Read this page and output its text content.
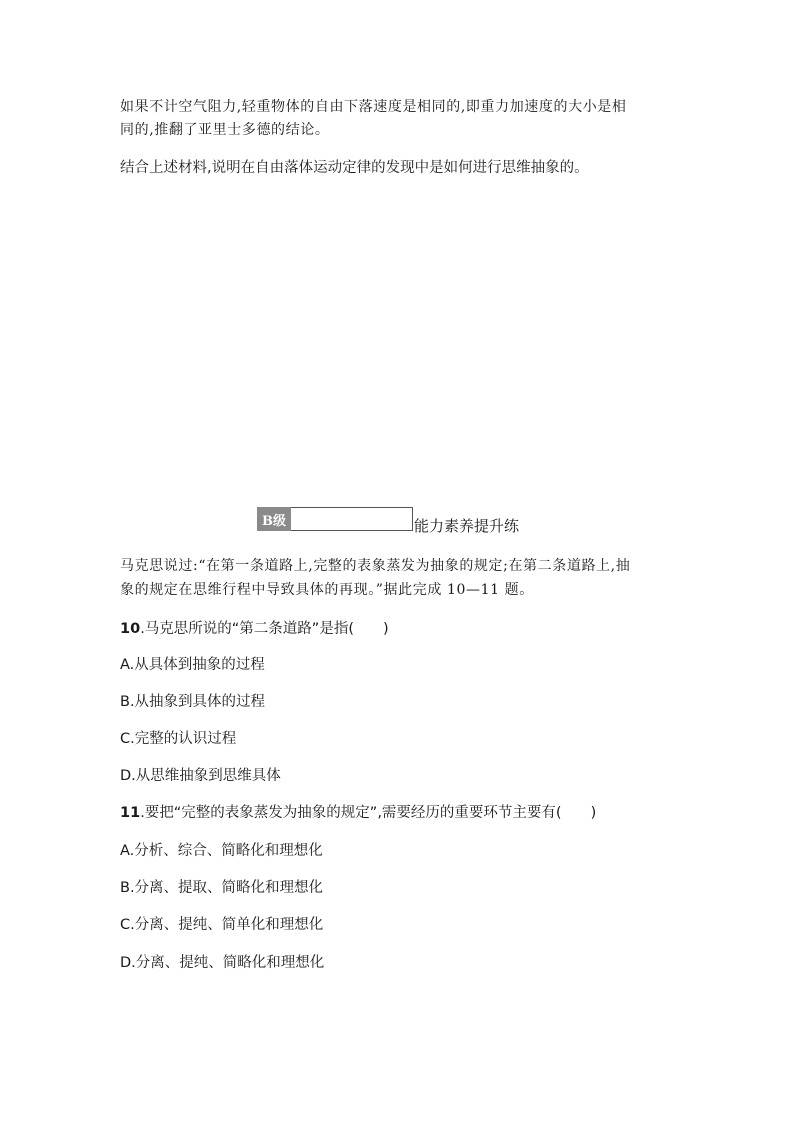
如果不计空气阻力,轻重物体的自由下落速度是相同的,即重力加速度的大小是相
同的,推翻了亚里士多德的结论。
结合上述材料,说明在自由落体运动定律的发现中是如何进行思维抽象的。
B级	能力素养提升练
马克思说过:“在第一条道路上,完整的表象蒸发为抽象的规定;在第二条道路上,抽
象的规定在思维行程中导致具体的再现。”据此完成 10—11 题。
10.马克思所说的“第二条道路”是指(　　)
A.从具体到抽象的过程
B.从抽象到具体的过程
C.完整的认识过程
D.从思维抽象到思维具体
11.要把“完整的表象蒸发为抽象的规定”,需要经历的重要环节主要有(　　)
A.分析、综合、简略化和理想化
B.分离、提取、简略化和理想化
C.分离、提纯、简单化和理想化
D.分离、提纯、简略化和理想化
